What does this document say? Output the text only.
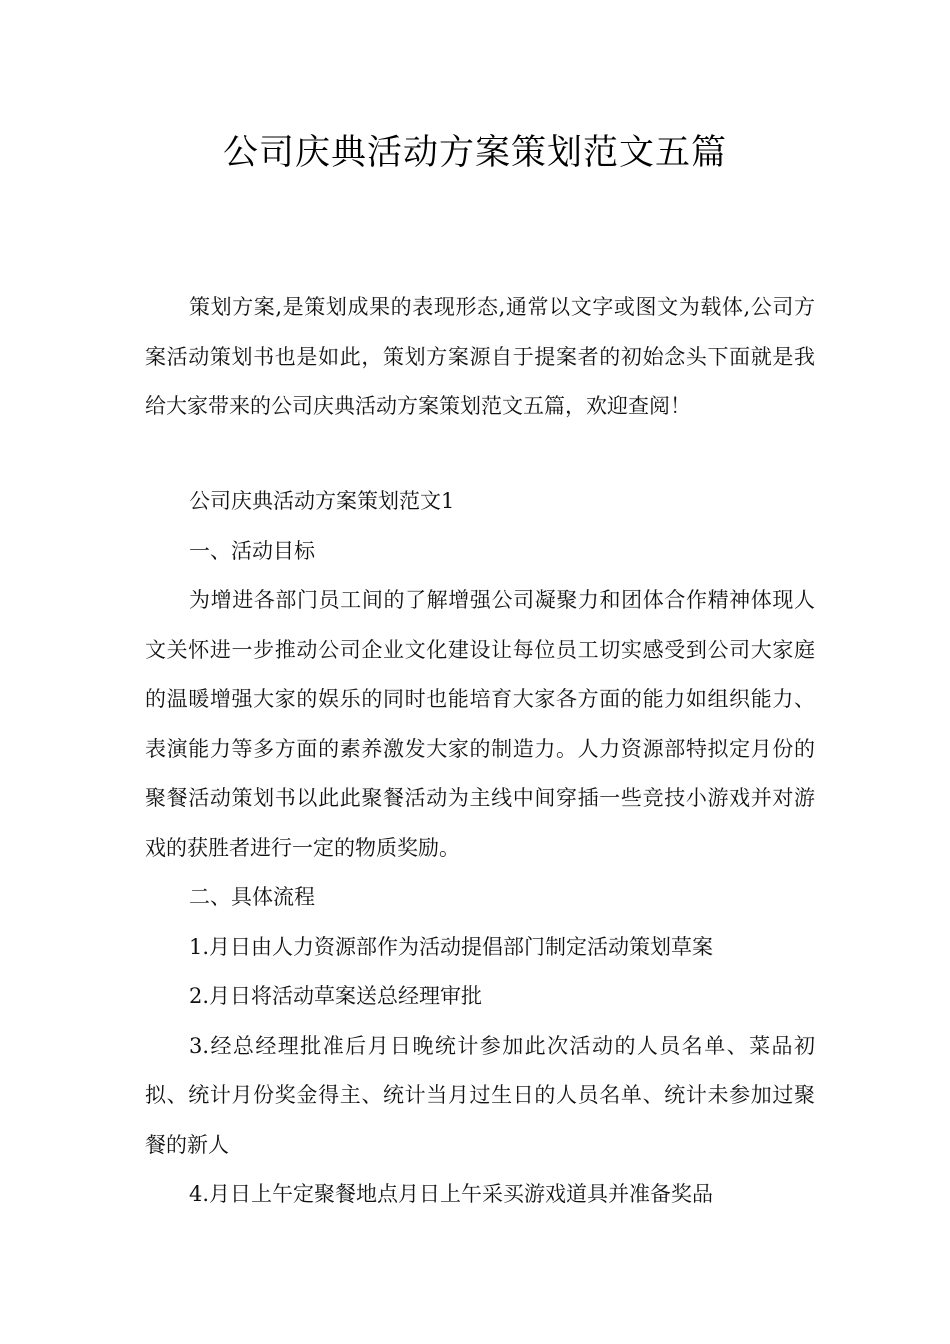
公司庆典活动方案策划范文五篇

策划方案,是策划成果的表现形态,通常以文字或图文为载体,公司方案活动策划书也是如此，策划方案源自于提案者的初始念头下面就是我给大家带来的公司庆典活动方案策划范文五篇，欢迎查阅！

公司庆典活动方案策划范文1

一、活动目标

为增进各部门员工间的了解增强公司凝聚力和团体合作精神体现人文关怀进一步推动公司企业文化建设让每位员工切实感受到公司大家庭的温暖增强大家的娱乐的同时也能培育大家各方面的能力如组织能力、表演能力等多方面的素养激发大家的制造力。人力资源部特拟定月份的聚餐活动策划书以此此聚餐活动为主线中间穿插一些竞技小游戏并对游戏的获胜者进行一定的物质奖励。

二、具体流程

1.月日由人力资源部作为活动提倡部门制定活动策划草案

2.月日将活动草案送总经理审批

3.经总经理批准后月日晚统计参加此次活动的人员名单、菜品初拟、统计月份奖金得主、统计当月过生日的人员名单、统计未参加过聚餐的新人

4.月日上午定聚餐地点月日上午采买游戏道具并准备奖品
